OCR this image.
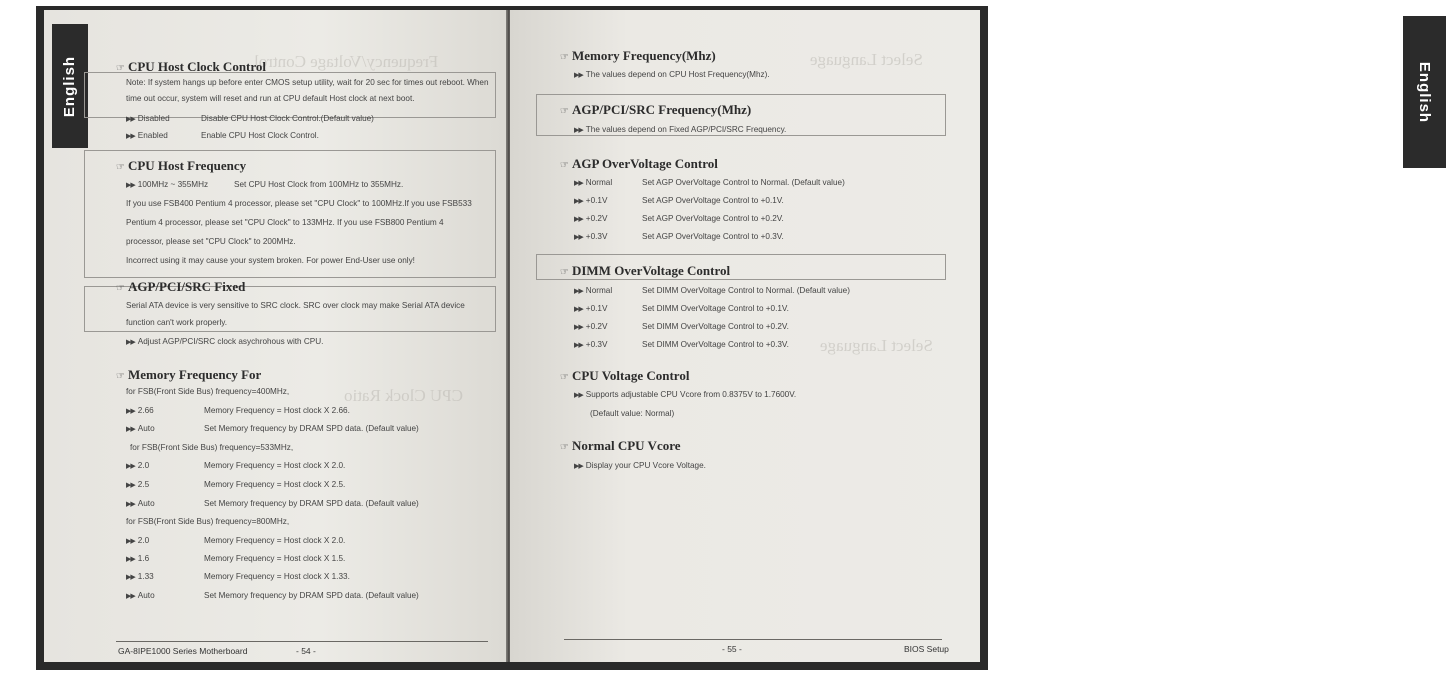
Frequency/Voltage Control
CPU Clock Ratio
English	☞ CPU Host Clock Control
Note: If system hangs up before enter CMOS setup utility, wait for 20 sec for times out reboot. When
time out occur, system will reset and run at CPU default Host clock at next boot.
▶▶ Disabled	Disable CPU Host Clock Control.(Default value)
▶▶ Enabled	Enable CPU Host Clock Control.
☞ CPU Host Frequency
▶▶ 100MHz ~ 355MHz	Set CPU Host Clock from 100MHz to 355MHz.
If you use FSB400 Pentium 4 processor, please set "CPU Clock" to 100MHz.If you use FSB533
Pentium 4 processor, please set "CPU Clock" to 133MHz. If you use FSB800 Pentium 4
processor, please set "CPU Clock" to 200MHz.
Incorrect using it may cause your system broken. For power End-User use only!
☞ AGP/PCI/SRC Fixed
Serial ATA device is very sensitive to SRC clock. SRC over clock may make Serial ATA device
function can't work properly.
▶▶ Adjust AGP/PCI/SRC clock asychrohous with CPU.
☞ Memory Frequency For
for FSB(Front Side Bus) frequency=400MHz,
▶▶ 2.66	Memory Frequency = Host clock X 2.66.
▶▶ Auto	Set Memory frequency by DRAM SPD data. (Default value)
for FSB(Front Side Bus) frequency=533MHz,
▶▶ 2.0	Memory Frequency = Host clock X 2.0.
▶▶ 2.5	Memory Frequency = Host clock X 2.5.
▶▶ Auto	Set Memory frequency by DRAM SPD data. (Default value)
for FSB(Front Side Bus) frequency=800MHz,
▶▶ 2.0	Memory Frequency = Host clock X 2.0.
▶▶ 1.6	Memory Frequency = Host clock X 1.5.
▶▶ 1.33	Memory Frequency = Host clock X 1.33.
▶▶ Auto	Set Memory frequency by DRAM SPD data. (Default value)
GA-8IPE1000 Series Motherboard	- 54 -
Select Language
Select Language
English
☞ Memory Frequency(Mhz)
▶▶ The values depend on CPU Host Frequency(Mhz).
☞ AGP/PCI/SRC Frequency(Mhz)
▶▶ The values depend on Fixed AGP/PCI/SRC Frequency.
☞ AGP OverVoltage Control
▶▶ Normal	Set AGP OverVoltage Control to Normal. (Default value)
▶▶ +0.1V	Set AGP OverVoltage Control to +0.1V.
▶▶ +0.2V	Set AGP OverVoltage Control to +0.2V.
▶▶ +0.3V	Set AGP OverVoltage Control to +0.3V.
☞ DIMM OverVoltage Control
▶▶ Normal	Set DIMM OverVoltage Control to Normal. (Default value)
▶▶ +0.1V	Set DIMM OverVoltage Control to +0.1V.
▶▶ +0.2V	Set DIMM OverVoltage Control to +0.2V.
▶▶ +0.3V	Set DIMM OverVoltage Control to +0.3V.
☞ CPU Voltage Control
▶▶ Supports adjustable CPU Vcore from 0.8375V to 1.7600V.
(Default value: Normal)
☞ Normal CPU Vcore
▶▶ Display your CPU Vcore Voltage.
- 55 -	BIOS Setup
